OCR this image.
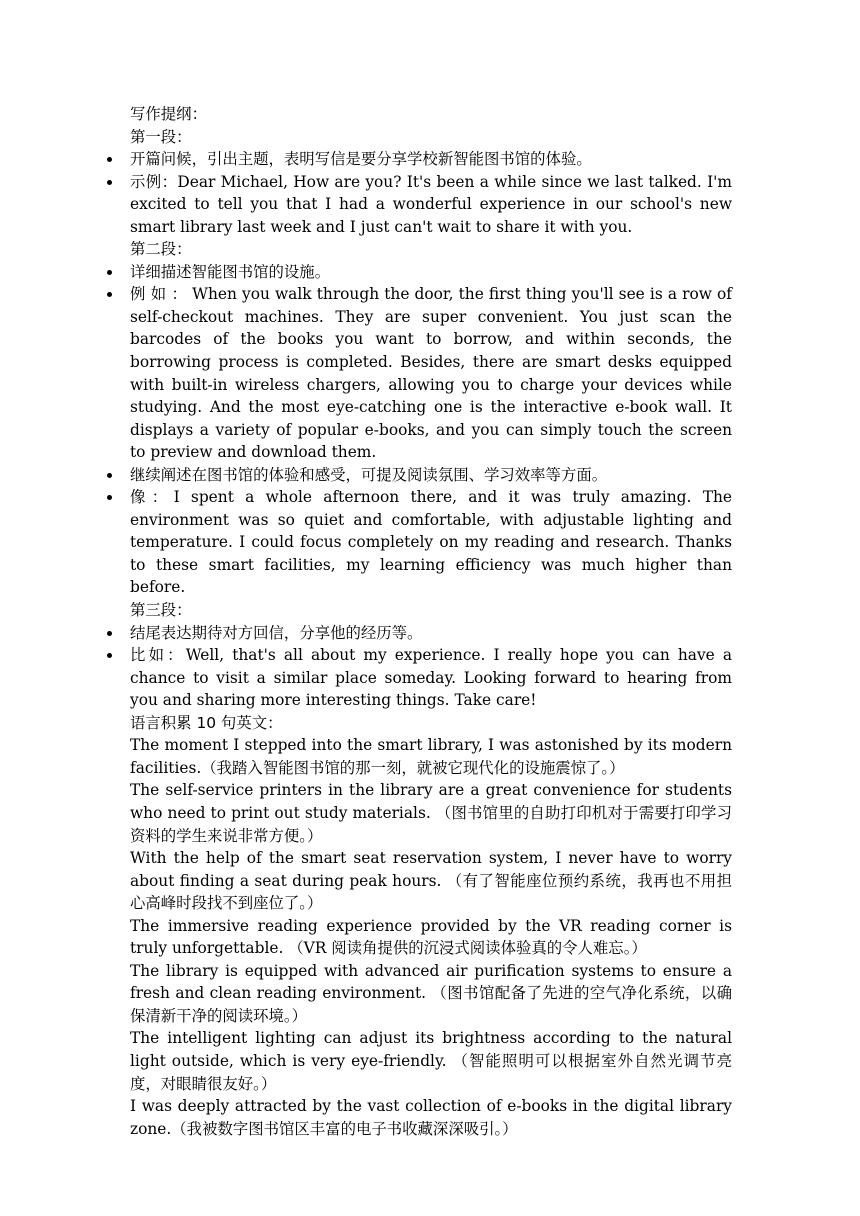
写作提纲：

第一段：

开篇问候，引出主题，表明写信是要分享学校新智能图书馆的体验。
示例：Dear Michael, How are you? It's been a while since we last talked. I'm excited to tell you that I had a wonderful experience in our school's new smart library last week and I just can't wait to share it with you.

第二段：

详细描述智能图书馆的设施。
例 如 ： When you walk through the door, the first thing you'll see is a row of self-checkout machines. They are super convenient. You just scan the barcodes of the books you want to borrow, and within seconds, the borrowing process is completed. Besides, there are smart desks equipped with built-in wireless chargers, allowing you to charge your devices while studying. And the most eye-catching one is the interactive e-book wall. It displays a variety of popular e-books, and you can simply touch the screen to preview and download them.
继续阐述在图书馆的体验和感受，可提及阅读氛围、学习效率等方面。
像：I spent a whole afternoon there, and it was truly amazing. The environment was so quiet and comfortable, with adjustable lighting and temperature. I could focus completely on my reading and research. Thanks to these smart facilities, my learning efficiency was much higher than before.

第三段：

结尾表达期待对方回信，分享他的经历等。
比如：Well, that's all about my experience. I really hope you can have a chance to visit a similar place someday. Looking forward to hearing from you and sharing more interesting things. Take care!

语言积累 10 句英文：

The moment I stepped into the smart library, I was astonished by its modern facilities.（我踏入智能图书馆的那一刻，就被它现代化的设施震惊了。）

The self-service printers in the library are a great convenience for students who need to print out study materials. （图书馆里的自助打印机对于需要打印学习资料的学生来说非常方便。）

With the help of the smart seat reservation system, I never have to worry about finding a seat during peak hours. （有了智能座位预约系统，我再也不用担心高峰时段找不到座位了。）

The immersive reading experience provided by the VR reading corner is truly unforgettable. （VR 阅读角提供的沉浸式阅读体验真的令人难忘。）

The library is equipped with advanced air purification systems to ensure a fresh and clean reading environment. （图书馆配备了先进的空气净化系统，以确保清新干净的阅读环境。）

The intelligent lighting can adjust its brightness according to the natural light outside, which is very eye-friendly. （智能照明可以根据室外自然光调节亮度，对眼睛很友好。）

I was deeply attracted by the vast collection of e-books in the digital library zone.（我被数字图书馆区丰富的电子书收藏深深吸引。）
